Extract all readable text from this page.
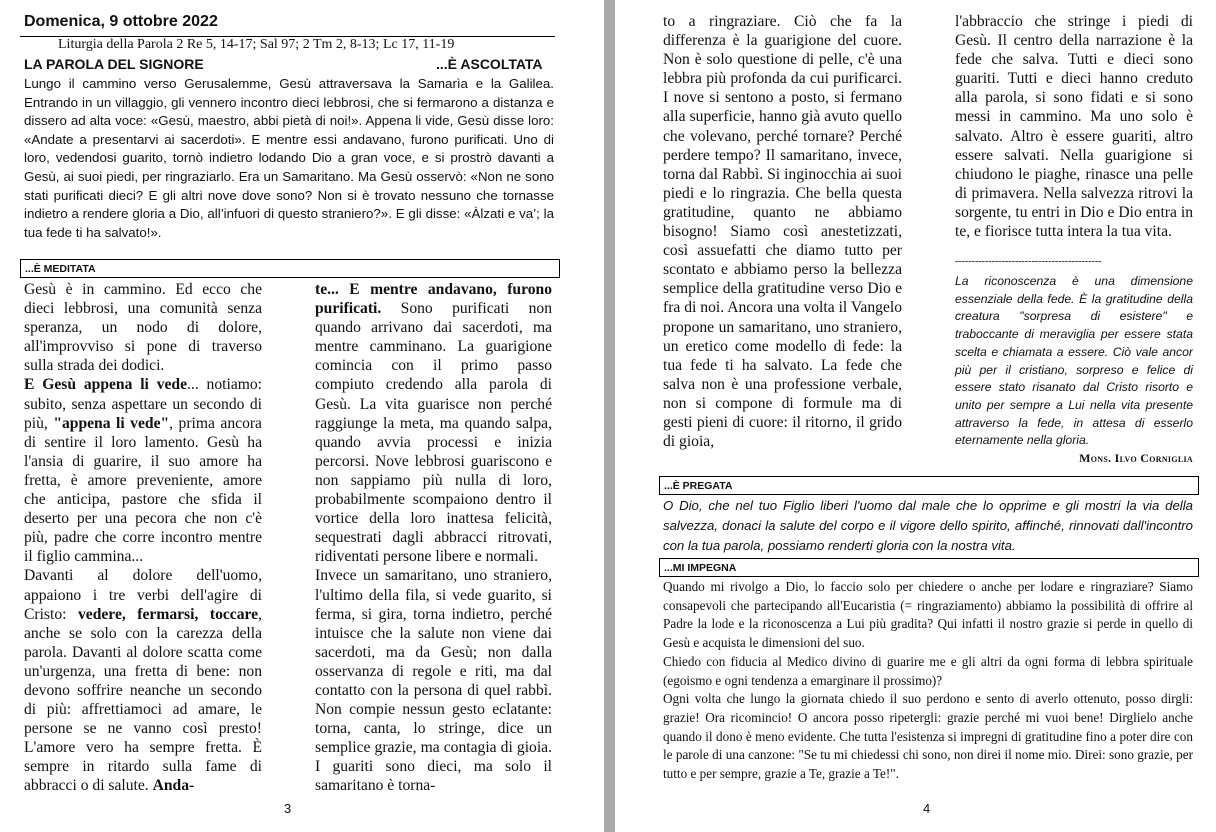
Domenica, 9 ottobre 2022
Liturgia della Parola 2 Re 5, 14-17; Sal 97; 2 Tm 2, 8-13; Lc 17, 11-19
LA PAROLA DEL SIGNORE	...È ASCOLTATA
Lungo il cammino verso Gerusalemme, Gesù attraversava la Samarìa e la Galilea. Entrando in un villaggio, gli vennero incontro dieci lebbrosi, che si fermarono a distanza e dissero ad alta voce: «Gesù, maestro, abbi pietà di noi!». Appena li vide, Gesù disse loro: «Andate a presentarvi ai sacerdoti». E mentre essi andavano, furono purificati. Uno di loro, vedendosi guarito, tornò indietro lodando Dio a gran voce, e si prostrò davanti a Gesù, ai suoi piedi, per ringraziarlo. Era un Samaritano. Ma Gesù osservò: «Non ne sono stati purificati dieci? E gli altri nove dove sono? Non si è trovato nessuno che tornasse indietro a rendere gloria a Dio, all’infuori di questo straniero?». E gli disse: «Àlzati e va’; la tua fede ti ha salvato!».
...È MEDITATA
Gesù è in cammino. Ed ecco che dieci lebbrosi, una comunità senza speranza, un nodo di dolore, all'improvviso si pone di traverso sulla strada dei dodici.
E Gesù appena li vede... notiamo: subito, senza aspettare un secondo di più, "appena li vede", prima ancora di sentire il loro lamento. Gesù ha l'ansia di guarire, il suo amore ha fretta, è amore preveniente, amore che anticipa, pastore che sfida il deserto per una pecora che non c'è più, padre che corre incontro mentre il figlio cammina...
Davanti al dolore dell'uomo, appaiono i tre verbi dell'agire di Cristo: vedere, fermarsi, toccare, anche se solo con la carezza della parola. Davanti al dolore scatta come un'urgenza, una fretta di bene: non devono soffrire neanche un secondo di più: affrettiamoci ad amare, le persone se ne vanno così presto! L'amore vero ha sempre fretta. È sempre in ritardo sulla fame di abbracci o di salute. Anda-
te... E mentre andavano, furono purificati. Sono purificati non quando arrivano dai sacerdoti, ma mentre camminano. La guarigione comincia con il primo passo compiuto credendo alla parola di Gesù. La vita guarisce non perché raggiunge la meta, ma quando salpa, quando avvia processi e inizia percorsi. Nove lebbrosi guariscono e non sappiamo più nulla di loro, probabilmente scompaiono dentro il vortice della loro inattesa felicità, sequestrati dagli abbracci ritrovati, ridiventati persone libere e normali.
Invece un samaritano, uno straniero, l'ultimo della fila, si vede guarito, si ferma, si gira, torna indietro, perché intuisce che la salute non viene dai sacerdoti, ma da Gesù; non dalla osservanza di regole e riti, ma dal contatto con la persona di quel rabbì. Non compie nessun gesto eclatante: torna, canta, lo stringe, dice un semplice grazie, ma contagia di gioia. I guariti sono dieci, ma solo il samaritano è torna-
3
to a ringraziare. Ciò che fa la differenza è la guarigione del cuore. Non è solo questione di pelle, c'è una lebbra più profonda da cui purificarci. I nove si sentono a posto, si fermano alla superficie, hanno già avuto quello che volevano, perché tornare? Perché perdere tempo? Il samaritano, invece, torna dal Rabbì. Si inginocchia ai suoi piedi e lo ringrazia. Che bella questa gratitudine, quanto ne abbiamo bisogno! Siamo così anestetizzati, così assuefatti che diamo tutto per scontato e abbiamo perso la bellezza semplice della gratitudine verso Dio e fra di noi. Ancora una volta il Vangelo propone un samaritano, uno straniero, un eretico come modello di fede: la tua fede ti ha salvato. La fede che salva non è una professione verbale, non si compone di formule ma di gesti pieni di cuore: il ritorno, il grido di gioia,
l'abbraccio che stringe i piedi di Gesù. Il centro della narrazione è la fede che salva. Tutti e dieci sono guariti. Tutti e dieci hanno creduto alla parola, si sono fidati e si sono messi in cammino. Ma uno solo è salvato. Altro è essere guariti, altro essere salvati. Nella guarigione si chiudono le piaghe, rinasce una pelle di primavera. Nella salvezza ritrovi la sorgente, tu entri in Dio e Dio entra in te, e fiorisce tutta intera la tua vita.
--------------------------------------------
La riconoscenza è una dimensione essenziale della fede. È la gratitudine della creatura "sorpresa di esistere" e traboccante di meraviglia per essere stata scelta e chiamata a essere. Ciò vale ancor più per il cristiano, sorpreso e felice di essere stato risanato dal Cristo risorto e unito per sempre a Lui nella vita presente attraverso la fede, in attesa di esserlo eternamente nella gloria.
Mons. Ilvo Corniglia
...È PREGATA
O Dio, che nel tuo Figlio liberi l'uomo dal male che lo opprime e gli mostri la via della salvezza, donaci la salute del corpo e il vigore dello spirito, affinché, rinnovati dall'incontro con la tua parola, possiamo renderti gloria con la nostra vita.
...MI IMPEGNA
Quando mi rivolgo a Dio, lo faccio solo per chiedere o anche per lodare e ringraziare? Siamo consapevoli che partecipando all'Eucaristia (= ringraziamento) abbiamo la possibilità di offrire al Padre la lode e la riconoscenza a Lui più gradita? Qui infatti il nostro grazie si perde in quello di Gesù e acquista le dimensioni del suo.
Chiedo con fiducia al Medico divino di guarire me e gli altri da ogni forma di lebbra spirituale (egoismo e ogni tendenza a emarginare il prossimo)?
Ogni volta che lungo la giornata chiedo il suo perdono e sento di averlo ottenuto, posso dirgli: grazie! Ora ricomincio! O ancora posso ripetergli: grazie perché mi vuoi bene! Dirglielo anche quando il dono è meno evidente. Che tutta l'esistenza si impregni di gratitudine fino a poter dire con le parole di una canzone: "Se tu mi chiedessi chi sono, non direi il nome mio. Direi: sono grazie, per tutto e per sempre, grazie a Te, grazie a Te!".
4
